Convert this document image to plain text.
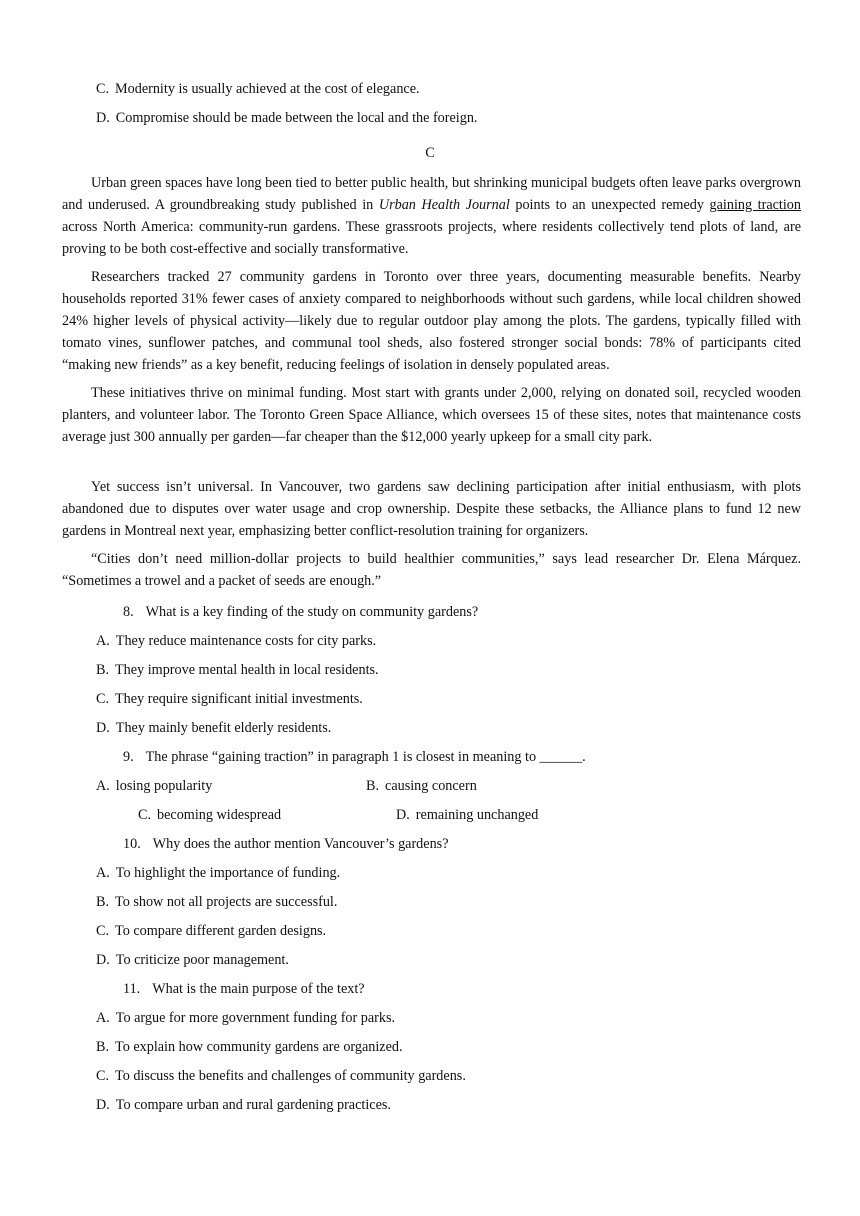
C. Modernity is usually achieved at the cost of elegance.
D. Compromise should be made between the local and the foreign.
C

Urban green spaces have long been tied to better public health, but shrinking municipal budgets often leave parks overgrown and underused. A groundbreaking study published in Urban Health Journal points to an unexpected remedy gaining traction across North America: community-run gardens. These grassroots projects, where residents collectively tend plots of land, are proving to be both cost-effective and socially transformative.

Researchers tracked 27 community gardens in Toronto over three years, documenting measurable benefits. Nearby households reported 31% fewer cases of anxiety compared to neighborhoods without such gardens, while local children showed 24% higher levels of physical activity—likely due to regular outdoor play among the plots. The gardens, typically filled with tomato vines, sunflower patches, and communal tool sheds, also fostered stronger social bonds: 78% of participants cited “making new friends” as a key benefit, reducing feelings of isolation in densely populated areas.

These initiatives thrive on minimal funding. Most start with grants under 2,000, relying on donated soil, recycled wooden planters, and volunteer labor. The Toronto Green Space Alliance, which oversees 15 of these sites, notes that maintenance costs average just 300 annually per garden—far cheaper than the $12,000 yearly upkeep for a small city park.

Yet success isn’t universal. In Vancouver, two gardens saw declining participation after initial enthusiasm, with plots abandoned due to disputes over water usage and crop ownership. Despite these setbacks, the Alliance plans to fund 12 new gardens in Montreal next year, emphasizing better conflict-resolution training for organizers.

“Cities don’t need million-dollar projects to build healthier communities,” says lead researcher Dr. Elena Márquez. “Sometimes a trowel and a packet of seeds are enough.”

8. What is a key finding of the study on community gardens?
A. They reduce maintenance costs for city parks.
B. They improve mental health in local residents.
C. They require significant initial investments.
D. They mainly benefit elderly residents.
9. The phrase “gaining traction” in paragraph 1 is closest in meaning to ______.
A. losing popularity	B. causing concern
C. becoming widespread	D. remaining unchanged
10. Why does the author mention Vancouver’s gardens?
A. To highlight the importance of funding.
B. To show not all projects are successful.
C. To compare different garden designs.
D. To criticize poor management.
11. What is the main purpose of the text?
A. To argue for more government funding for parks.
B. To explain how community gardens are organized.
C. To discuss the benefits and challenges of community gardens.
D. To compare urban and rural gardening practices.
